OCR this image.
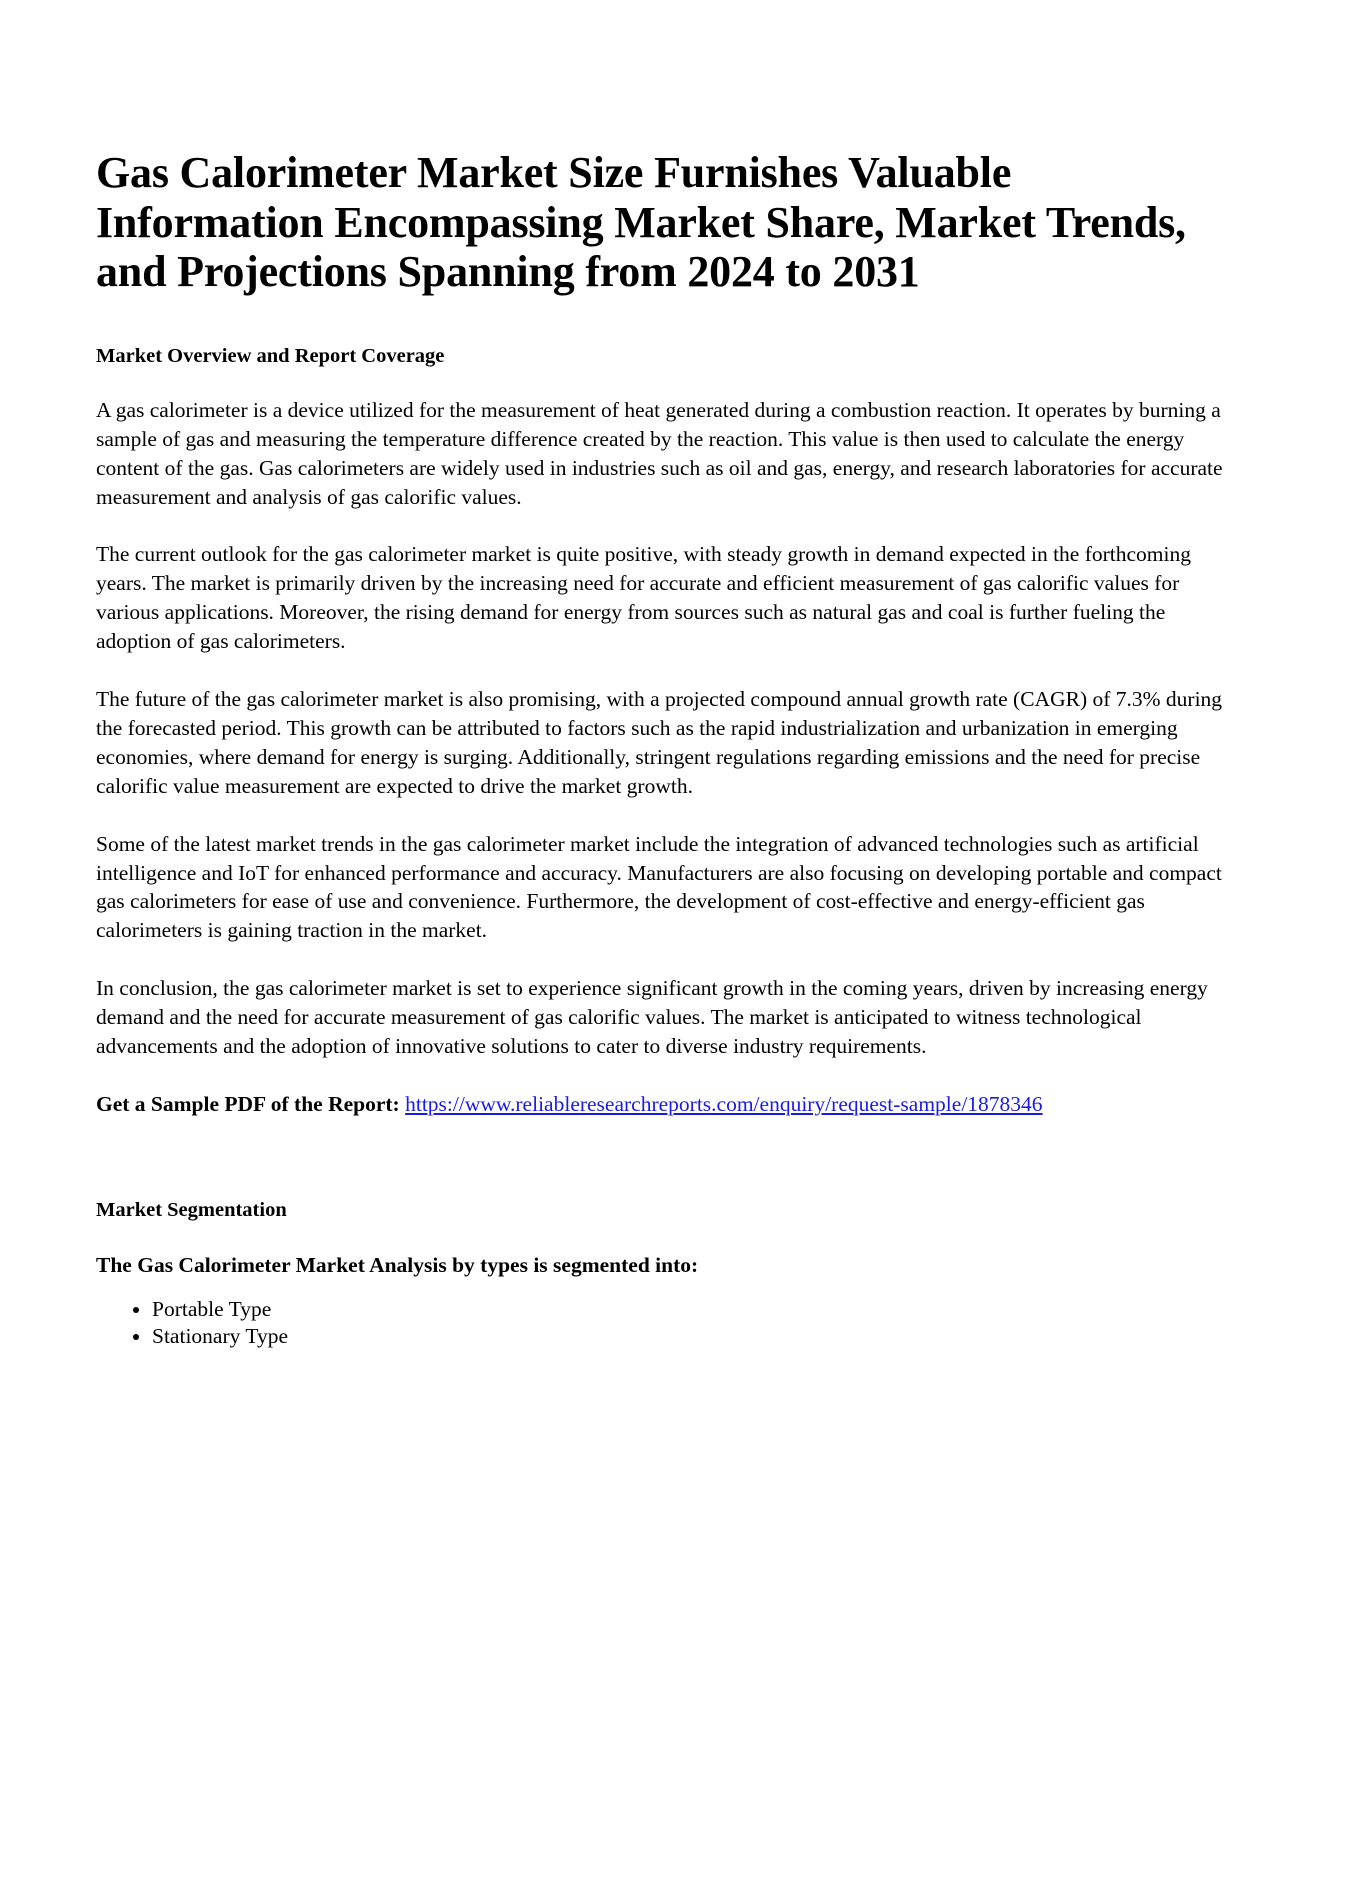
Gas Calorimeter Market Size Furnishes Valuable Information Encompassing Market Share, Market Trends, and Projections Spanning from 2024 to 2031
Market Overview and Report Coverage

A gas calorimeter is a device utilized for the measurement of heat generated during a combustion reaction. It operates by burning a sample of gas and measuring the temperature difference created by the reaction. This value is then used to calculate the energy content of the gas. Gas calorimeters are widely used in industries such as oil and gas, energy, and research laboratories for accurate measurement and analysis of gas calorific values.

The current outlook for the gas calorimeter market is quite positive, with steady growth in demand expected in the forthcoming years. The market is primarily driven by the increasing need for accurate and efficient measurement of gas calorific values for various applications. Moreover, the rising demand for energy from sources such as natural gas and coal is further fueling the adoption of gas calorimeters.

The future of the gas calorimeter market is also promising, with a projected compound annual growth rate (CAGR) of 7.3% during the forecasted period. This growth can be attributed to factors such as the rapid industrialization and urbanization in emerging economies, where demand for energy is surging. Additionally, stringent regulations regarding emissions and the need for precise calorific value measurement are expected to drive the market growth.

Some of the latest market trends in the gas calorimeter market include the integration of advanced technologies such as artificial intelligence and IoT for enhanced performance and accuracy. Manufacturers are also focusing on developing portable and compact gas calorimeters for ease of use and convenience. Furthermore, the development of cost-effective and energy-efficient gas calorimeters is gaining traction in the market.

In conclusion, the gas calorimeter market is set to experience significant growth in the coming years, driven by increasing energy demand and the need for accurate measurement of gas calorific values. The market is anticipated to witness technological advancements and the adoption of innovative solutions to cater to diverse industry requirements.

Get a Sample PDF of the Report: https://www.reliableresearchreports.com/enquiry/request-sample/1878346

Market Segmentation

The Gas Calorimeter Market Analysis by types is segmented into:

• Portable Type
• Stationary Type
